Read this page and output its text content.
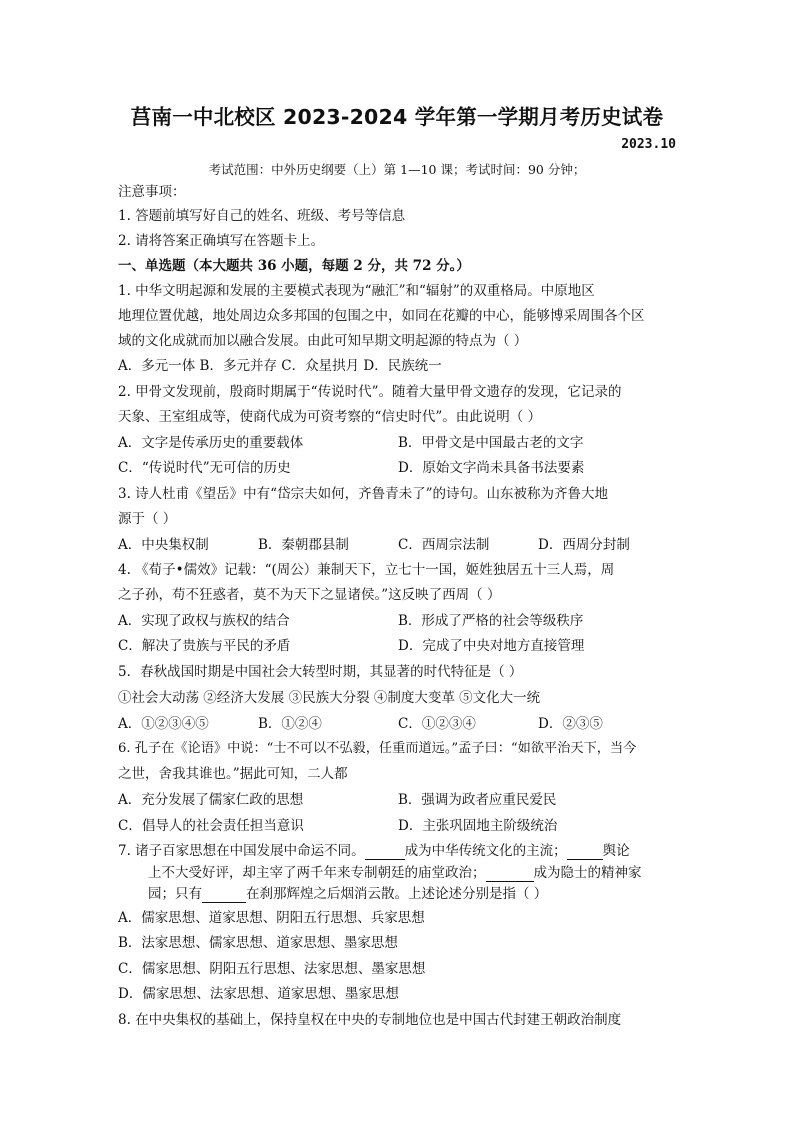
莒南一中北校区 2023-2024 学年第一学期月考历史试卷
2023.10
考试范围：中外历史纲要（上）第 1—10 课；考试时间：90 分钟；
注意事项：
1. 答题前填写好自己的姓名、班级、考号等信息
2. 请将答案正确填写在答题卡上。
一、单选题（本大题共 36 小题，每题 2 分，共 72 分。）
1. 中华文明起源和发展的主要模式表现为“融汇”和“辐射”的双重格局。中原地区
地理位置优越，地处周边众多邦国的包围之中，如同在花瓣的中心，能够博采周围各个区
域的文化成就而加以融合发展。由此可知早期文明起源的特点为（ ）
A．多元一体 B．多元并存 C．众星拱月 D．民族统一
2. 甲骨文发现前，殷商时期属于“传说时代”。随着大量甲骨文遗存的发现，它记录的
天象、王室组成等，使商代成为可资考察的“信史时代”。由此说明（ ）
A．文字是传承历史的重要载体	B．甲骨文是中国最古老的文字
C．“传说时代”无可信的历史	D．原始文字尚未具备书法要素
3. 诗人杜甫《望岳》中有“岱宗夫如何，齐鲁青未了”的诗句。山东被称为齐鲁大地
源于（ ）
A．中央集权制	B．秦朝郡县制	C．西周宗法制	D．西周分封制
4. 《荀子•儒效》记载：“(周公）兼制天下，立七十一国，姬姓独居五十三人焉，周
之子孙，苟不狂惑者，莫不为天下之显诸侯。”这反映了西周（ ）
A．实现了政权与族权的结合	B．形成了严格的社会等级秩序
C．解决了贵族与平民的矛盾	D．完成了中央对地方直接管理
5．春秋战国时期是中国社会大转型时期，其显著的时代特征是（ ）
①社会大动荡 ②经济大发展 ③民族大分裂 ④制度大变革 ⑤文化大一统
A．①②③④⑤	B．①②④	C．①②③④	D．②③⑤
6. 孔子在《论语》中说：“士不可以不弘毅，任重而道远。”孟子曰：“如欲平治天下，当今
之世，舍我其谁也。”据此可知，二人都
A．充分发展了儒家仁政的思想	B．强调为政者应重民爱民
C．倡导人的社会责任担当意识	D．主张巩固地主阶级统治
7. 诸子百家思想在中国发展中命运不同。	成为中华传统文化的主流；	舆论
上不大受好评，却主宰了两千年来专制朝廷的庙堂政治；	成为隐士的精神家
园；只有	在刹那辉煌之后烟消云散。上述论述分别是指（ ）
A．儒家思想、道家思想、阴阳五行思想、兵家思想
B．法家思想、儒家思想、道家思想、墨家思想
C．儒家思想、阴阳五行思想、法家思想、墨家思想
D．儒家思想、法家思想、道家思想、墨家思想
8. 在中央集权的基础上，保持皇权在中央的专制地位也是中国古代封建王朝政治制度
